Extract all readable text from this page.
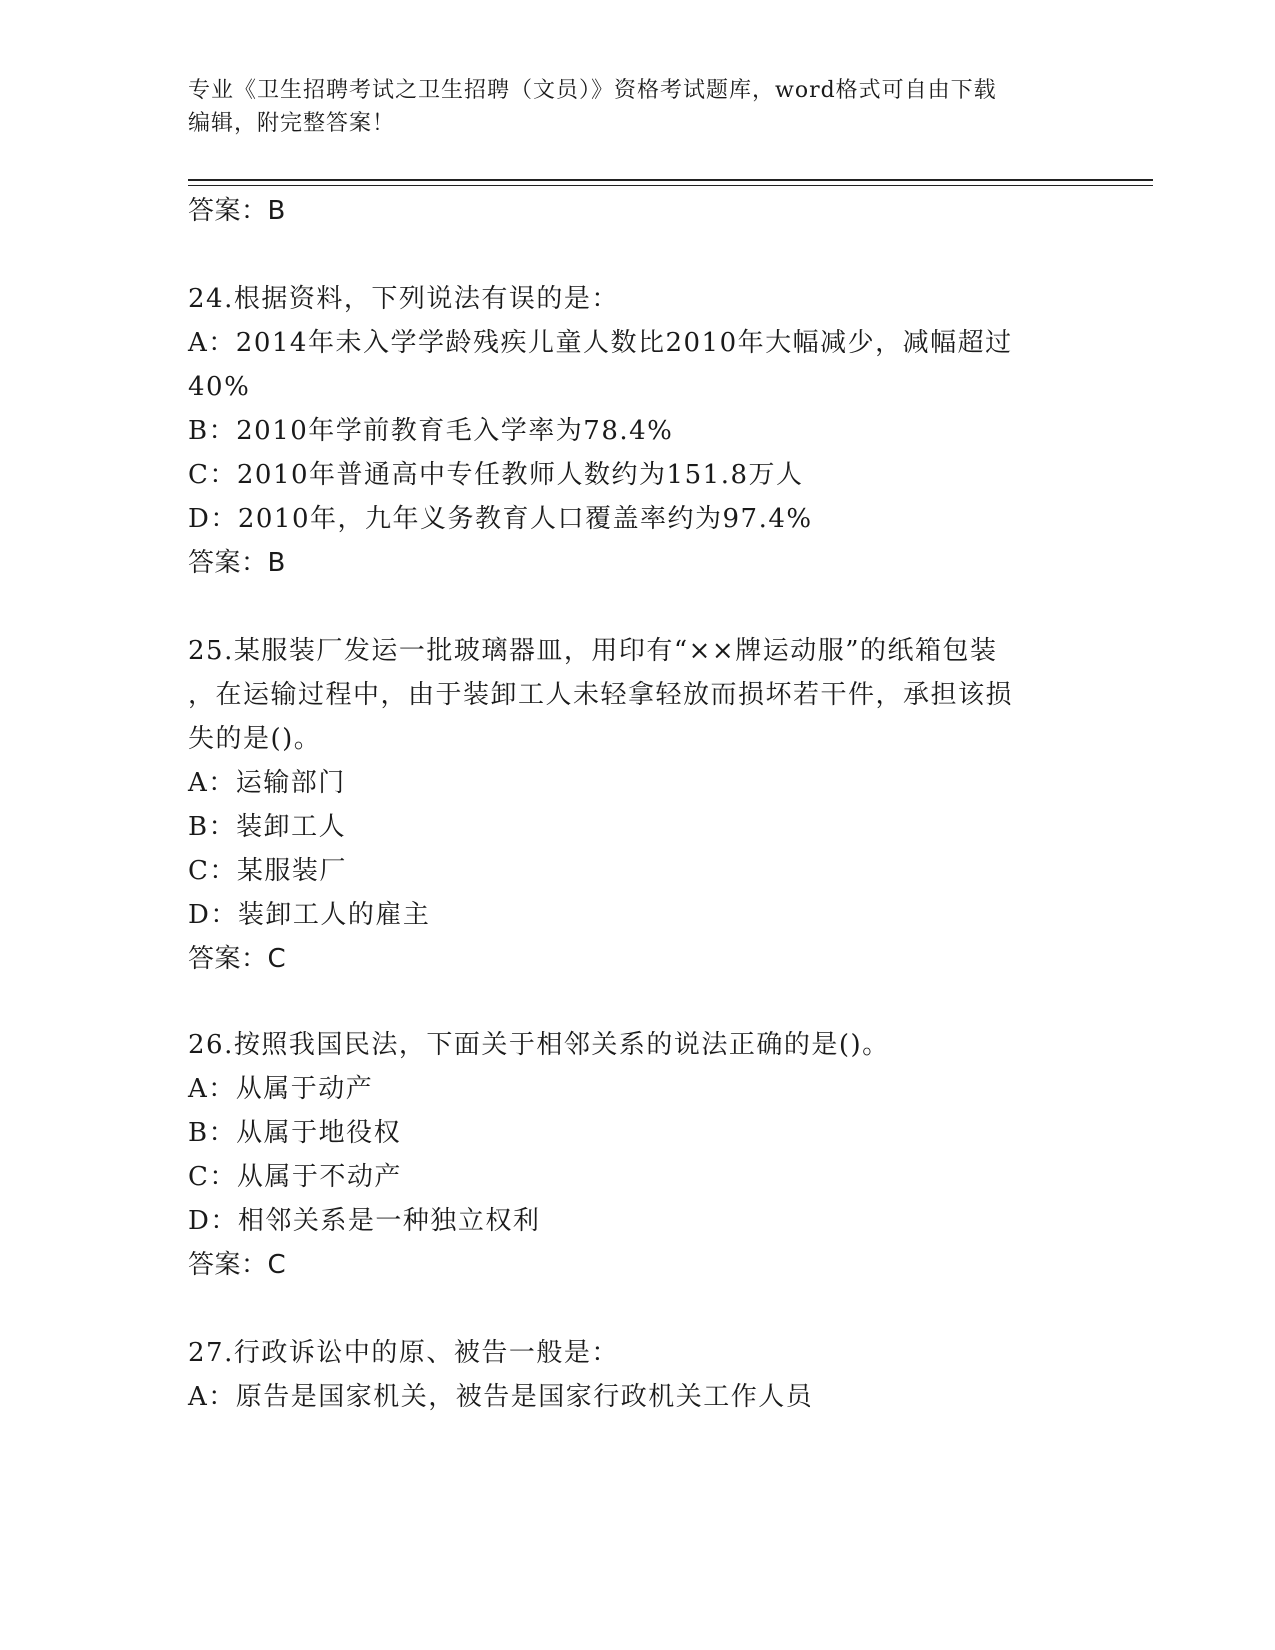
专业《卫生招聘考试之卫生招聘（文员）》资格考试题库，word格式可自由下载
编辑，附完整答案！
答案：B
24.根据资料，下列说法有误的是：
A：2014年未入学学龄残疾儿童人数比2010年大幅减少，减幅超过
40%
B：2010年学前教育毛入学率为78.4%
C：2010年普通高中专任教师人数约为151.8万人
D：2010年，九年义务教育人口覆盖率约为97.4%
答案：B
25.某服装厂发运一批玻璃器皿，用印有“××牌运动服”的纸箱包装
，在运输过程中，由于装卸工人未轻拿轻放而损坏若干件，承担该损
失的是()。
A：运输部门
B：装卸工人
C：某服装厂
D：装卸工人的雇主
答案：C
26.按照我国民法，下面关于相邻关系的说法正确的是()。
A：从属于动产
B：从属于地役权
C：从属于不动产
D：相邻关系是一种独立权利
答案：C
27.行政诉讼中的原、被告一般是：
A：原告是国家机关，被告是国家行政机关工作人员
